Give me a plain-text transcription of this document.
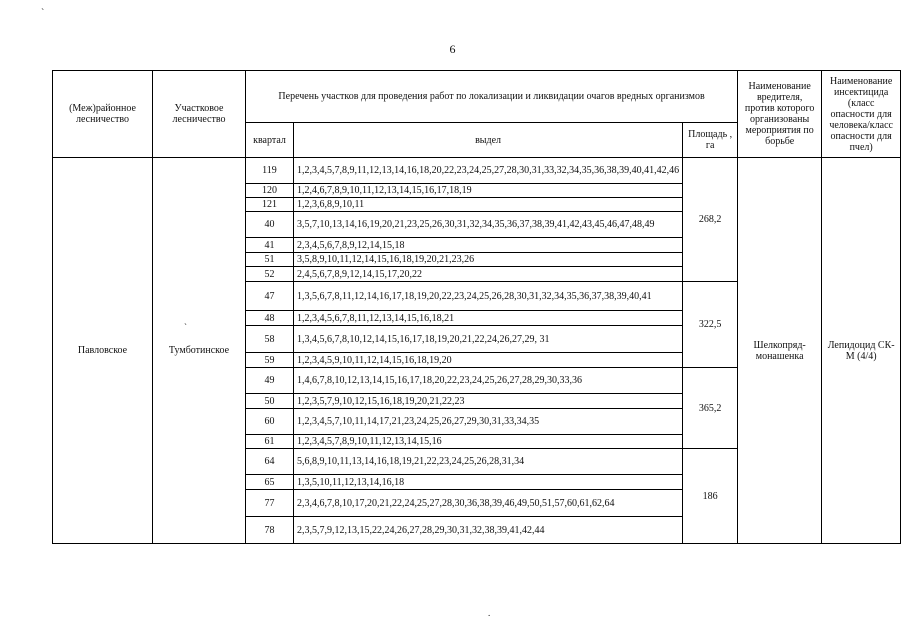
`
6
`
.
(Меж)районное лесничество	Участковое лесничество	Перечень участков для проведения работ по локализации и ликвидации очагов вредных организмов			Наименование вредителя, против которого организованы мероприятия по борьбе	Наименование инсектицида (класс опасности для человека/класс опасности для пчел)
		квартал	выдел	Площадь , га		
Павловское	Тумботинское	119	1,2,3,4,5,7,8,9,11,12,13,14,16,18,20,22,23,24,25,27,28,30,31,33,32,34,35,36,38,39,40,41,42,46	268,2	Шелкопряд-монашенка	Лепидоцид СК-М (4/4)
		120	1,2,4,6,7,8,9,10,11,12,13,14,15,16,17,18,19			
		121	1,2,3,6,8,9,10,11			
		40	3,5,7,10,13,14,16,19,20,21,23,25,26,30,31,32,34,35,36,37,38,39,41,42,43,45,46,47,48,49			
		41	2,3,4,5,6,7,8,9,12,14,15,18			
		51	3,5,8,9,10,11,12,14,15,16,18,19,20,21,23,26			
		52	2,4,5,6,7,8,9,12,14,15,17,20,22			
		47	1,3,5,6,7,8,11,12,14,16,17,18,19,20,22,23,24,25,26,28,30,31,32,34,35,36,37,38,39,40,41	322,5		
		48	1,2,3,4,5,6,7,8,11,12,13,14,15,16,18,21			
		58	1,3,4,5,6,7,8,10,12,14,15,16,17,18,19,20,21,22,24,26,27,29, 31			
		59	1,2,3,4,5,9,10,11,12,14,15,16,18,19,20			
		49	1,4,6,7,8,10,12,13,14,15,16,17,18,20,22,23,24,25,26,27,28,29,30,33,36	365,2		
		50	1,2,3,5,7,9,10,12,15,16,18,19,20,21,22,23			
		60	1,2,3,4,5,7,10,11,14,17,21,23,24,25,26,27,29,30,31,33,34,35			
		61	1,2,3,4,5,7,8,9,10,11,12,13,14,15,16			
		64	5,6,8,9,10,11,13,14,16,18,19,21,22,23,24,25,26,28,31,34	186		
		65	1,3,5,10,11,12,13,14,16,18			
		77	2,3,4,6,7,8,10,17,20,21,22,24,25,27,28,30,36,38,39,46,49,50,51,57,60,61,62,64			
		78	2,3,5,7,9,12,13,15,22,24,26,27,28,29,30,31,32,38,39,41,42,44			
